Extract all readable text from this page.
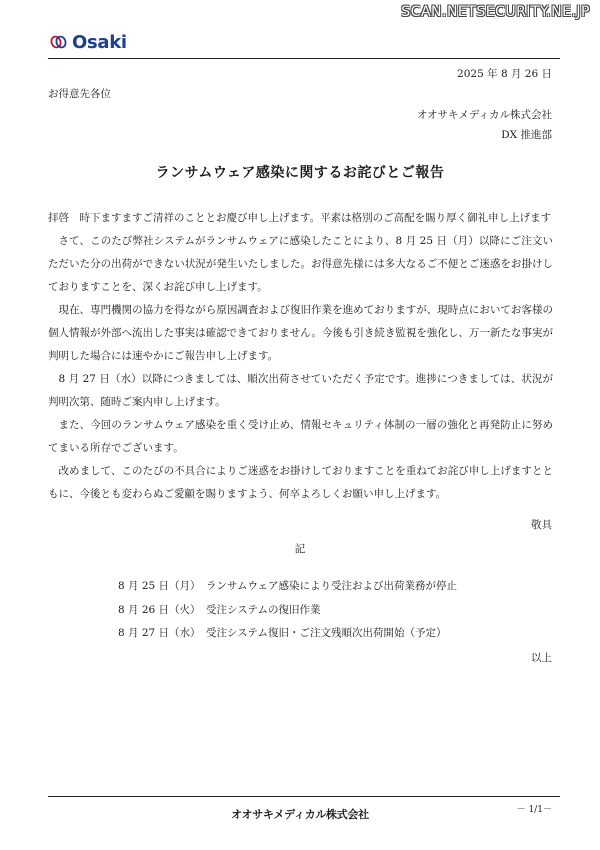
SCAN.NETSECURITY.NE.JP
Osaki
2025 年 8 月 26 日
お得意先各位
オオサキメディカル株式会社
DX 推進部
ランサムウェア感染に関するお詫びとご報告

拝啓　時下ますますご清祥のこととお慶び申し上げます。平素は格別のご高配を賜り厚く御礼申し上げます

さて、このたび弊社システムがランサムウェアに感染したことにより、8 月 25 日（月）以降にご注文いただいた分の出荷ができない状況が発生いたしました。お得意先様には多大なるご不便とご迷惑をお掛けしておりますことを、深くお詫び申し上げます。

現在、専門機関の協力を得ながら原因調査および復旧作業を進めておりますが、現時点においてお客様の個人情報が外部へ流出した事実は確認できておりません。今後も引き続き監視を強化し、万一新たな事実が判明した場合には速やかにご報告申し上げます。

8 月 27 日（水）以降につきましては、順次出荷させていただく予定です。進捗につきましては、状況が判明次第、随時ご案内申し上げます。

また、今回のランサムウェア感染を重く受け止め、情報セキュリティ体制の一層の強化と再発防止に努めてまいる所存でございます。

改めまして、このたびの不具合によりご迷惑をお掛けしておりますことを重ねてお詫び申し上げますとともに、今後とも変わらぬご愛顧を賜りますよう、何卒よろしくお願い申し上げます。

敬具
記
8 月 25 日（月） ランサムウェア感染により受注および出荷業務が停止
8 月 26 日（火） 受注システムの復旧作業
8 月 27 日（水） 受注システム復旧・ご注文残順次出荷開始（予定）
以上
オオサキメディカル株式会社	－ 1/1－
